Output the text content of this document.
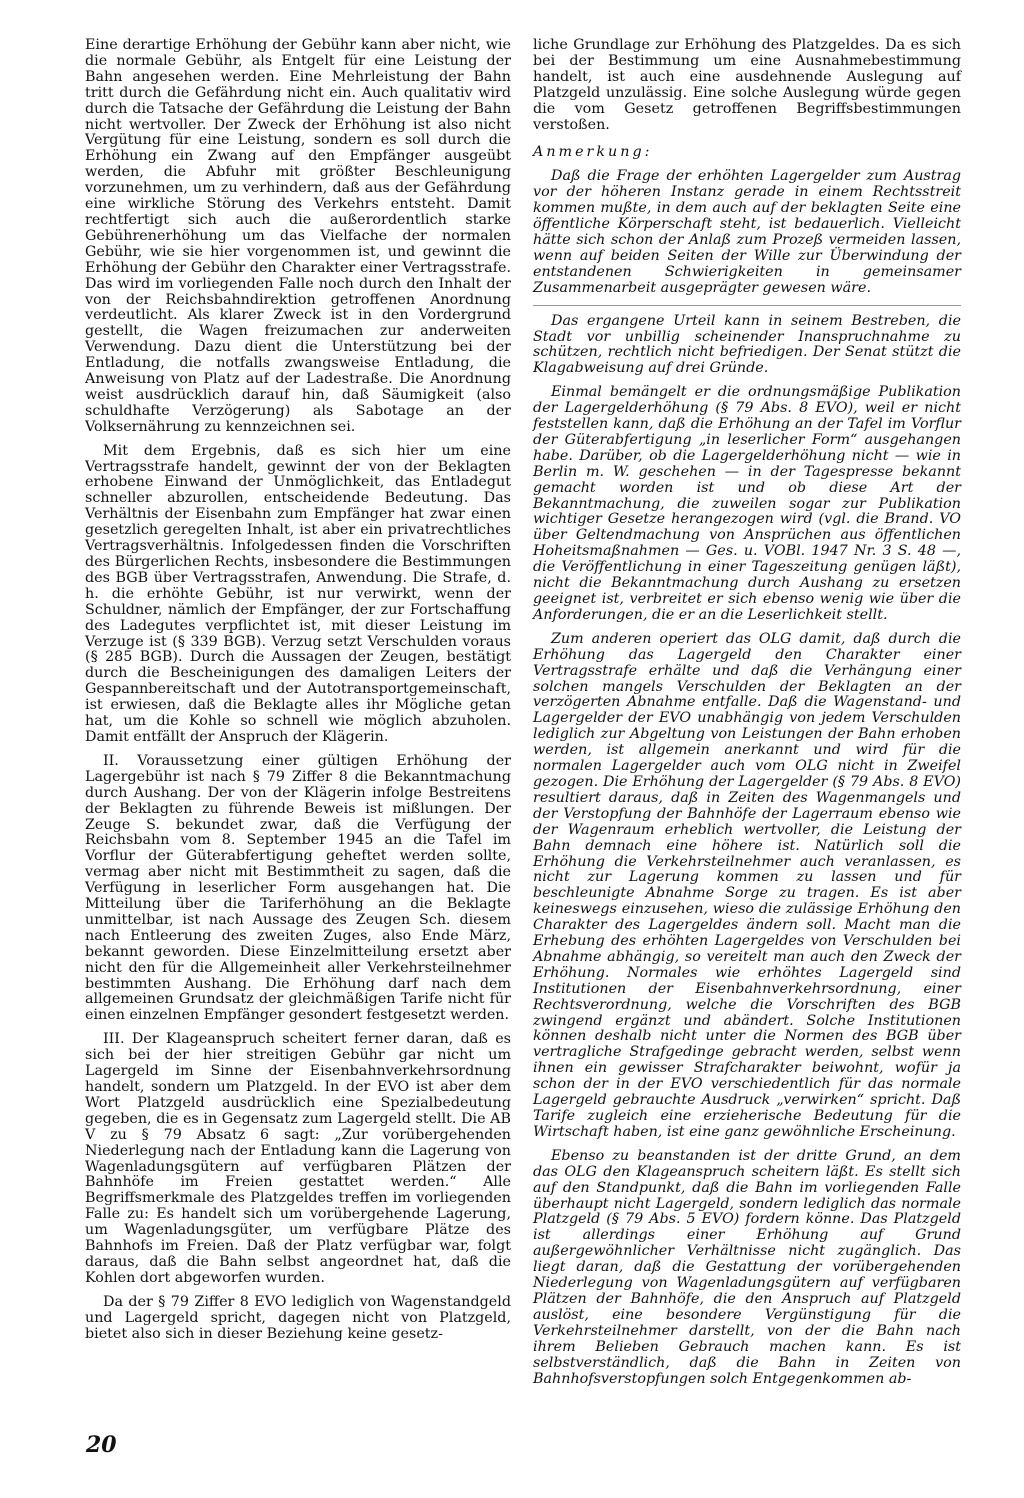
Eine derartige Erhöhung der Gebühr kann aber nicht, wie die normale Gebühr, als Entgelt für eine Leistung der Bahn angesehen werden. Eine Mehrleistung der Bahn tritt durch die Gefährdung nicht ein. Auch qualitativ wird durch die Tatsache der Gefährdung die Leistung der Bahn nicht wertvoller. Der Zweck der Erhöhung ist also nicht Vergütung für eine Leistung, sondern es soll durch die Erhöhung ein Zwang auf den Empfänger ausgeübt werden, die Abfuhr mit größter Beschleunigung vorzunehmen, um zu verhindern, daß aus der Gefährdung eine wirkliche Störung des Verkehrs entsteht. Damit rechtfertigt sich auch die außerordentlich starke Gebührenerhöhung um das Vielfache der normalen Gebühr, wie sie hier vorgenommen ist, und gewinnt die Erhöhung der Gebühr den Charakter einer Vertragsstrafe. Das wird im vorliegenden Falle noch durch den Inhalt der von der Reichsbahndirektion getroffenen Anordnung verdeutlicht. Als klarer Zweck ist in den Vordergrund gestellt, die Wagen freizumachen zur anderweiten Verwendung. Dazu dient die Unterstützung bei der Entladung, die notfalls zwangsweise Entladung, die Anweisung von Platz auf der Ladestraße. Die Anordnung weist ausdrücklich darauf hin, daß Säumigkeit (also schuldhafte Verzögerung) als Sabotage an der Volksernährung zu kennzeichnen sei.

Mit dem Ergebnis, daß es sich hier um eine Vertragsstrafe handelt, gewinnt der von der Beklagten erhobene Einwand der Unmöglichkeit, das Entladegut schneller abzurollen, entscheidende Bedeutung. Das Verhältnis der Eisenbahn zum Empfänger hat zwar einen gesetzlich geregelten Inhalt, ist aber ein privatrechtliches Vertragsverhältnis. Infolgedessen finden die Vorschriften des Bürgerlichen Rechts, insbesondere die Bestimmungen des BGB über Vertragsstrafen, Anwendung. Die Strafe, d. h. die erhöhte Gebühr, ist nur verwirkt, wenn der Schuldner, nämlich der Empfänger, der zur Fortschaffung des Ladegutes verpflichtet ist, mit dieser Leistung im Verzuge ist (§ 339 BGB). Verzug setzt Verschulden voraus (§ 285 BGB). Durch die Aussagen der Zeugen, bestätigt durch die Bescheinigungen des damaligen Leiters der Gespannbereitschaft und der Autotransportgemeinschaft, ist erwiesen, daß die Beklagte alles ihr Mögliche getan hat, um die Kohle so schnell wie möglich abzuholen. Damit entfällt der Anspruch der Klägerin.

II. Voraussetzung einer gültigen Erhöhung der Lagergebühr ist nach § 79 Ziffer 8 die Bekanntmachung durch Aushang. Der von der Klägerin infolge Bestreitens der Beklagten zu führende Beweis ist mißlungen. Der Zeuge S. bekundet zwar, daß die Verfügung der Reichsbahn vom 8. September 1945 an die Tafel im Vorflur der Güterabfertigung geheftet werden sollte, vermag aber nicht mit Bestimmtheit zu sagen, daß die Verfügung in leserlicher Form ausgehangen hat. Die Mitteilung über die Tariferhöhung an die Beklagte unmittelbar, ist nach Aussage des Zeugen Sch. diesem nach Entleerung des zweiten Zuges, also Ende März, bekannt geworden. Diese Einzelmitteilung ersetzt aber nicht den für die Allgemeinheit aller Verkehrsteilnehmer bestimmten Aushang. Die Erhöhung darf nach dem allgemeinen Grundsatz der gleichmäßigen Tarife nicht für einen einzelnen Empfänger gesondert festgesetzt werden.

III. Der Klageanspruch scheitert ferner daran, daß es sich bei der hier streitigen Gebühr gar nicht um Lagergeld im Sinne der Eisenbahnverkehrsordnung handelt, sondern um Platzgeld. In der EVO ist aber dem Wort Platzgeld ausdrücklich eine Spezialbedeutung gegeben, die es in Gegensatz zum Lagergeld stellt. Die AB V zu § 79 Absatz 6 sagt: „Zur vorübergehenden Niederlegung nach der Entladung kann die Lagerung von Wagenladungsgütern auf verfügbaren Plätzen der Bahnhöfe im Freien gestattet werden.“ Alle Begriffsmerkmale des Platzgeldes treffen im vorliegenden Falle zu: Es handelt sich um vorübergehende Lagerung, um Wagenladungsgüter, um verfügbare Plätze des Bahnhofs im Freien. Daß der Platz verfügbar war, folgt daraus, daß die Bahn selbst angeordnet hat, daß die Kohlen dort abgeworfen wurden.

Da der § 79 Ziffer 8 EVO lediglich von Wagenstandgeld und Lagergeld spricht, dagegen nicht von Platzgeld, bietet also sich in dieser Beziehung keine gesetz-

liche Grundlage zur Erhöhung des Platzgeldes. Da es sich bei der Bestimmung um eine Ausnahmebestimmung handelt, ist auch eine ausdehnende Auslegung auf Platzgeld unzulässig. Eine solche Auslegung würde gegen die vom Gesetz getroffenen Begriffsbestimmungen verstoßen.

Anmerkung:

Daß die Frage der erhöhten Lagergelder zum Austrag vor der höheren Instanz gerade in einem Rechtsstreit kommen mußte, in dem auch auf der beklagten Seite eine öffentliche Körperschaft steht, ist bedauerlich. Vielleicht hätte sich schon der Anlaß zum Prozeß vermeiden lassen, wenn auf beiden Seiten der Wille zur Überwindung der entstandenen Schwierigkeiten in gemeinsamer Zusammenarbeit ausgeprägter gewesen wäre.

Das ergangene Urteil kann in seinem Bestreben, die Stadt vor unbillig scheinender Inanspruchnahme zu schützen, rechtlich nicht befriedigen. Der Senat stützt die Klagabweisung auf drei Gründe.

Einmal bemängelt er die ordnungsmäßige Publikation der Lagergelderhöhung (§ 79 Abs. 8 EVO), weil er nicht feststellen kann, daß die Erhöhung an der Tafel im Vorflur der Güterabfertigung „in leserlicher Form“ ausgehangen habe. Darüber, ob die Lagergelderhöhung nicht — wie in Berlin m. W. geschehen — in der Tagespresse bekannt gemacht worden ist und ob diese Art der Bekanntmachung, die zuweilen sogar zur Publikation wichtiger Gesetze herangezogen wird (vgl. die Brand. VO über Geltendmachung von Ansprüchen aus öffentlichen Hoheitsmaßnahmen — Ges. u. VOBl. 1947 Nr. 3 S. 48 —, die Veröffentlichung in einer Tageszeitung genügen läßt), nicht die Bekanntmachung durch Aushang zu ersetzen geeignet ist, verbreitet er sich ebenso wenig wie über die Anforderungen, die er an die Leserlichkeit stellt.

Zum anderen operiert das OLG damit, daß durch die Erhöhung das Lagergeld den Charakter einer Vertragsstrafe erhälte und daß die Verhängung einer solchen mangels Verschulden der Beklagten an der verzögerten Abnahme entfalle. Daß die Wagenstand- und Lagergelder der EVO unabhängig von jedem Verschulden lediglich zur Abgeltung von Leistungen der Bahn erhoben werden, ist allgemein anerkannt und wird für die normalen Lagergelder auch vom OLG nicht in Zweifel gezogen. Die Erhöhung der Lagergelder (§ 79 Abs. 8 EVO) resultiert daraus, daß in Zeiten des Wagenmangels und der Verstopfung der Bahnhöfe der Lagerraum ebenso wie der Wagenraum erheblich wertvoller, die Leistung der Bahn demnach eine höhere ist. Natürlich soll die Erhöhung die Verkehrsteilnehmer auch veranlassen, es nicht zur Lagerung kommen zu lassen und für beschleunigte Abnahme Sorge zu tragen. Es ist aber keineswegs einzusehen, wieso die zulässige Erhöhung den Charakter des Lagergeldes ändern soll. Macht man die Erhebung des erhöhten Lagergeldes von Verschulden bei Abnahme abhängig, so vereitelt man auch den Zweck der Erhöhung. Normales wie erhöhtes Lagergeld sind Institutionen der Eisenbahnverkehrsordnung, einer Rechtsverordnung, welche die Vorschriften des BGB zwingend ergänzt und abändert. Solche Institutionen können deshalb nicht unter die Normen des BGB über vertragliche Strafgedinge gebracht werden, selbst wenn ihnen ein gewisser Strafcharakter beiwohnt, wofür ja schon der in der EVO verschiedentlich für das normale Lagergeld gebrauchte Ausdruck „verwirken“ spricht. Daß Tarife zugleich eine erzieherische Bedeutung für die Wirtschaft haben, ist eine ganz gewöhnliche Erscheinung.

Ebenso zu beanstanden ist der dritte Grund, an dem das OLG den Klageanspruch scheitern läßt. Es stellt sich auf den Standpunkt, daß die Bahn im vorliegenden Falle überhaupt nicht Lagergeld, sondern lediglich das normale Platzgeld (§ 79 Abs. 5 EVO) fordern könne. Das Platzgeld ist allerdings einer Erhöhung auf Grund außergewöhnlicher Verhältnisse nicht zugänglich. Das liegt daran, daß die Gestattung der vorübergehenden Niederlegung von Wagenladungsgütern auf verfügbaren Plätzen der Bahnhöfe, die den Anspruch auf Platzgeld auslöst, eine besondere Vergünstigung für die Verkehrsteilnehmer darstellt, von der die Bahn nach ihrem Belieben Gebrauch machen kann. Es ist selbstverständlich, daß die Bahn in Zeiten von Bahnhofsverstopfungen solch Entgegenkommen ab-

20
